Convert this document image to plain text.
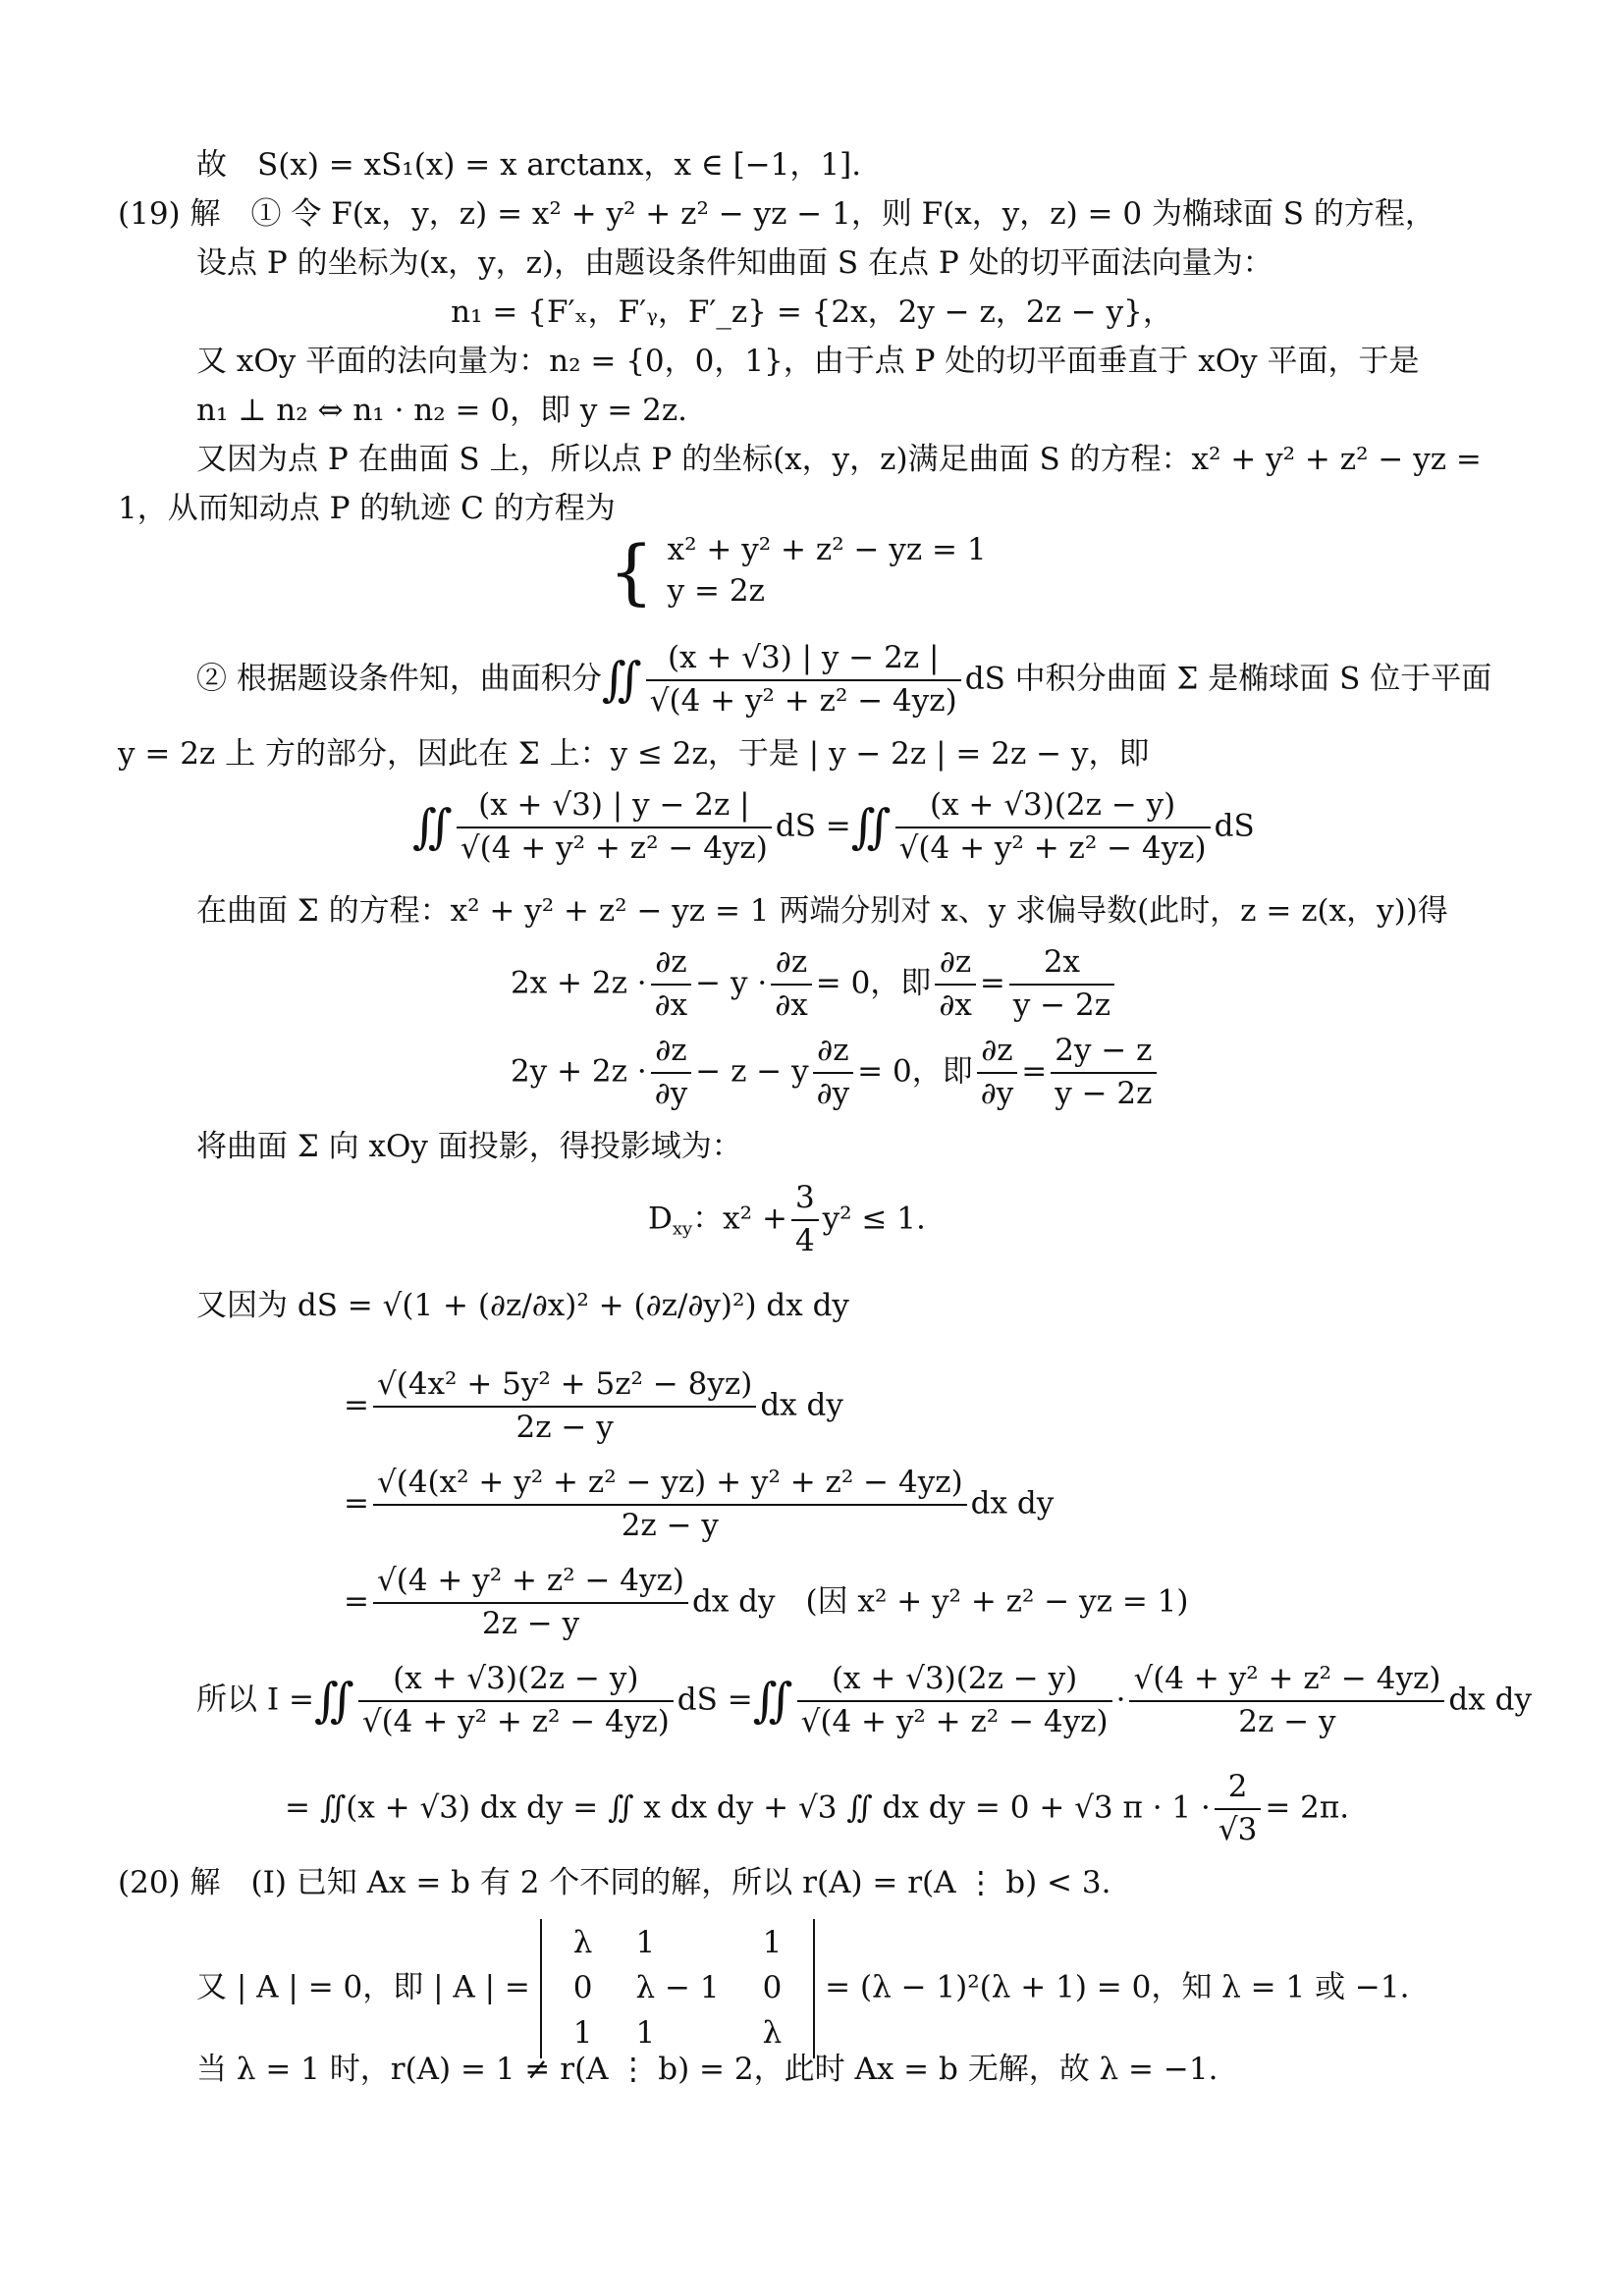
故　S(x) = xS₁(x) = x arctanx，x ∈ [−1，1].
(19) 解　① 令 F(x，y，z) = x² + y² + z² − yz − 1，则 F(x，y，z) = 0 为椭球面 S 的方程，
设点 P 的坐标为(x，y，z)，由题设条件知曲面 S 在点 P 处的切平面法向量为：
n₁ = {F′ₓ，F′ᵧ，F′_z} = {2x，2y − z，2z − y}，
又 xOy 平面的法向量为：n₂ = {0，0，1}，由于点 P 处的切平面垂直于 xOy 平面，于是
n₁ ⊥ n₂ ⇔ n₁ · n₂ = 0，即 y = 2z.
又因为点 P 在曲面 S 上，所以点 P 的坐标(x，y，z)满足曲面 S 的方程：x² + y² + z² − yz =
1，从而知动点 P 的轨迹 C 的方程为
{ x² + y² + z² − yz = 1
y = 2z
② 根据题设条件知，曲面积分∬ $\frac{(x + √3) | y - 2z |}{\text{√(4 + y² + z² − 4yz)}}$ dS 中积分曲面 Σ 是椭球面 S 位于平面
y = 2z 上 方的部分，因此在 Σ 上：y ≤ 2z，于是 | y − 2z | = 2z − y，即
∬ $\frac{(x + √3) | y - 2z |}{\text{√(4 + y² + z² − 4yz)}}$ dS =∬ $\frac{(x + √3)(2z - y)}{\text{√(4 + y² + z² − 4yz)}}$ dS
在曲面 Σ 的方程：x² + y² + z² − yz = 1 两端分别对 x、y 求偏导数(此时，z = z(x，y))得
$2x + 2z \cdot \frac{\partial z}{\partial x} - y \cdot \frac{\partial z}{\partial x} = 0$，即 $\frac{\partial z}{\partial x} = \frac{2x}{y - 2z}$
$2y + 2z \cdot \frac{\partial z}{\partial y} - z - y \frac{\partial z}{\partial y} = 0$，即 $\frac{\partial z}{\partial y} = \frac{2y - z}{y - 2z}$
将曲面 Σ 向 xOy 面投影，得投影域为：
$D_{xy}$：$x^2 + \frac{3}{4} y^2 \le 1$.
又因为 dS = √(1 + (∂z/∂x)² + (∂z/∂y)²) dx dy
= $\frac{\text{√(4x² + 5y² + 5z² − 8yz)}}{2z - y}$ dx dy
= $\frac{\text{√(4(x² + y² + z² − yz) + y² + z² − 4yz)}}{2z - y}$ dx dy
= $\frac{\text{√(4 + y² + z² − 4yz)}}{2z - y}$ dx dy　(因 x² + y² + z² − yz = 1)
所以 I =∬ $\frac{(x + √3)(2z - y)}{\text{√(4 + y² + z² − 4yz)}}$ dS =∬ $\frac{(x + √3)(2z - y)}{\text{√(4 + y² + z² − 4yz)}} \cdot \frac{\text{√(4 + y² + z² − 4yz)}}{2z - y}$ dx dy
= ∬(x + √3) dx dy = ∬ x dx dy + √3 ∬ dx dy = 0 + √3 $\pi \cdot 1 \cdot \frac{2}{√3} = 2\pi$.
(20) 解　(Ⅰ) 已知 Ax = b 有 2 个不同的解，所以 r(A) = r(A ⋮ b) < 3.
又 | A | = 0，即 | A | =
λ	1	1
0	λ − 1	0
1	1	λ
= (λ − 1)²(λ + 1) = 0，知 λ = 1 或 −1.
当 λ = 1 时，r(A) = 1 ≠ r(A ⋮ b) = 2，此时 Ax = b 无解，故 λ = −1.
